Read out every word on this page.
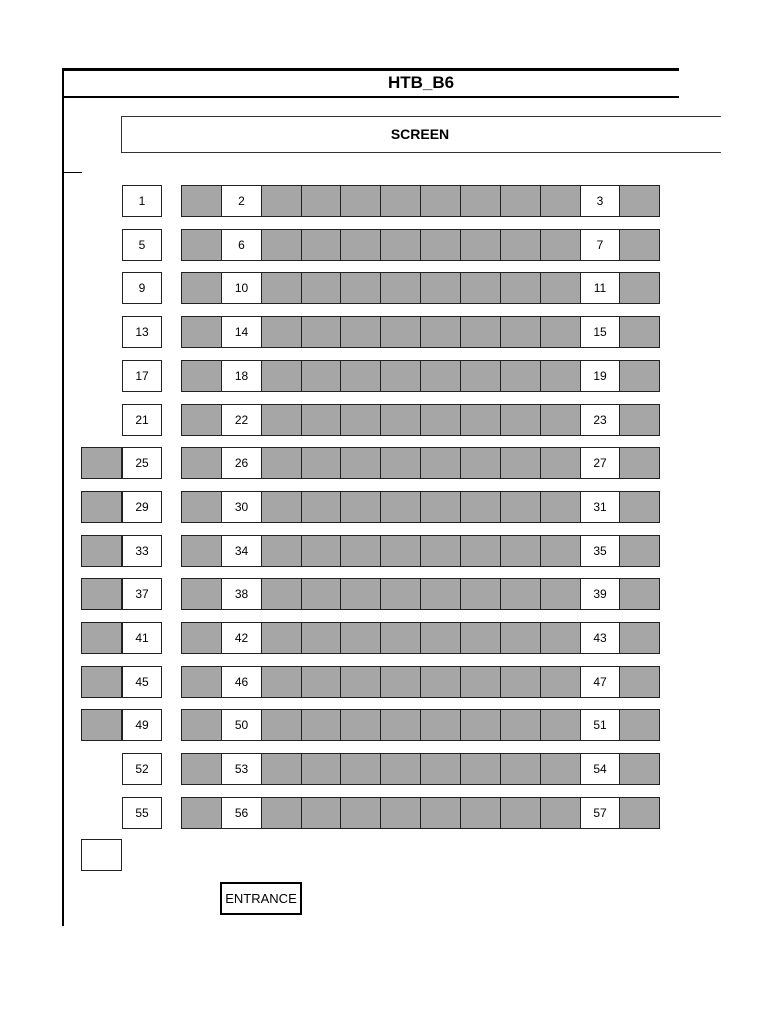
HTB_B6
SCREEN
1	2	3
5	6	7
9	10	11
13	14	15
17	18	19
21	22	23
25	26	27
29	30	31
33	34	35
37	38	39
41	42	43
45	46	47
49	50	51
52	53	54
55	56	57
ENTRANCE
